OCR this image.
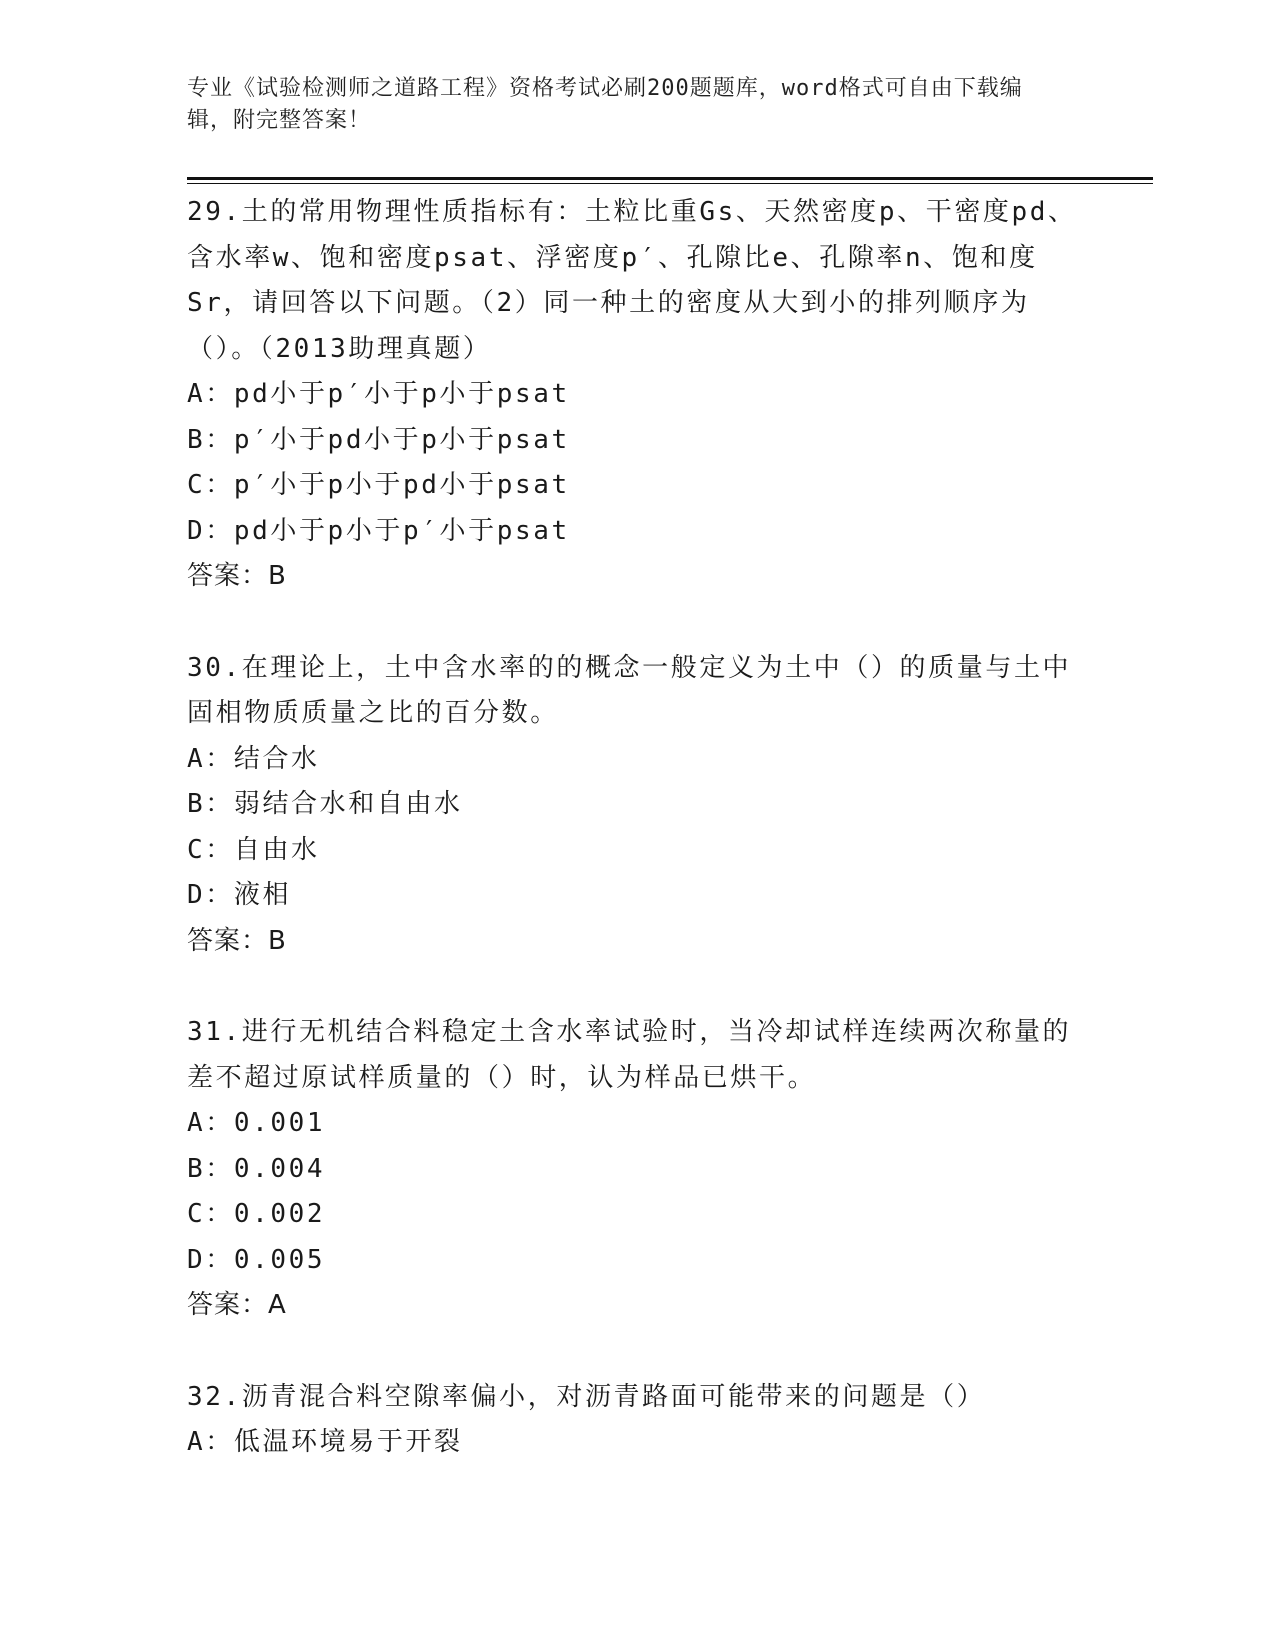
专业《试验检测师之道路工程》资格考试必刷200题题库，word格式可自由下载编辑，附完整答案！

29.土的常用物理性质指标有：土粒比重Gs、天然密度p、干密度pd、含水率w、饱和密度psat、浮密度p′、孔隙比e、孔隙率n、饱和度Sr，请回答以下问题。（2）同一种土的密度从大到小的排列顺序为（）。（2013助理真题）

A：pd小于p′小于p小于psat

B：p′小于pd小于p小于psat

C：p′小于p小于pd小于psat

D：pd小于p小于p′小于psat

答案：B

30.在理论上，土中含水率的的概念一般定义为土中（）的质量与土中固相物质质量之比的百分数。

A：结合水

B：弱结合水和自由水

C：自由水

D：液相

答案：B

31.进行无机结合料稳定土含水率试验时，当冷却试样连续两次称量的差不超过原试样质量的（）时，认为样品已烘干。

A：0.001

B：0.004

C：0.002

D：0.005

答案：A

32.沥青混合料空隙率偏小，对沥青路面可能带来的问题是（）

A：低温环境易于开裂
